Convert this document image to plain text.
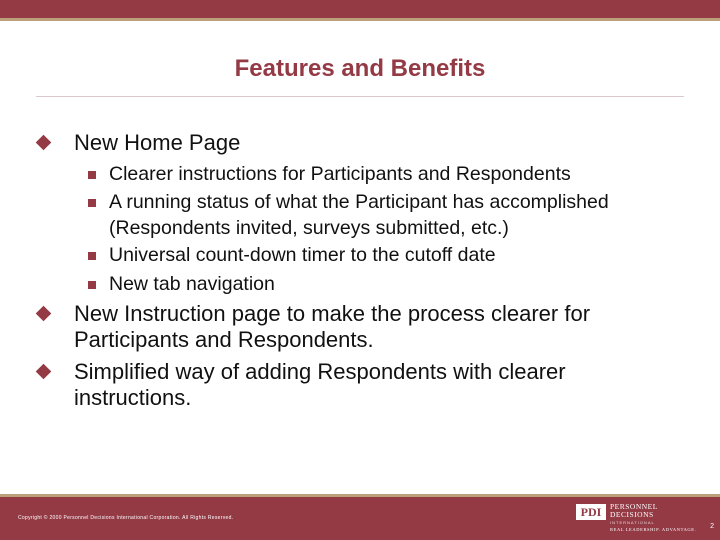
Features and Benefits
New Home Page
Clearer instructions for Participants and Respondents
A running status of what the Participant has accomplished
(Respondents invited, surveys submitted, etc.)
Universal count-down timer to the cutoff date
New tab navigation
New Instruction page to make the process clearer for
Participants and Respondents.
Simplified way of adding Respondents with clearer
instructions.
Copyright © 2000 Personnel Decisions International Corporation. All Rights Reserved.	PDI	PERSONNEL
DECISIONS
INTERNATIONAL
REAL LEADERSHIP. ADVANTAGE.	2
